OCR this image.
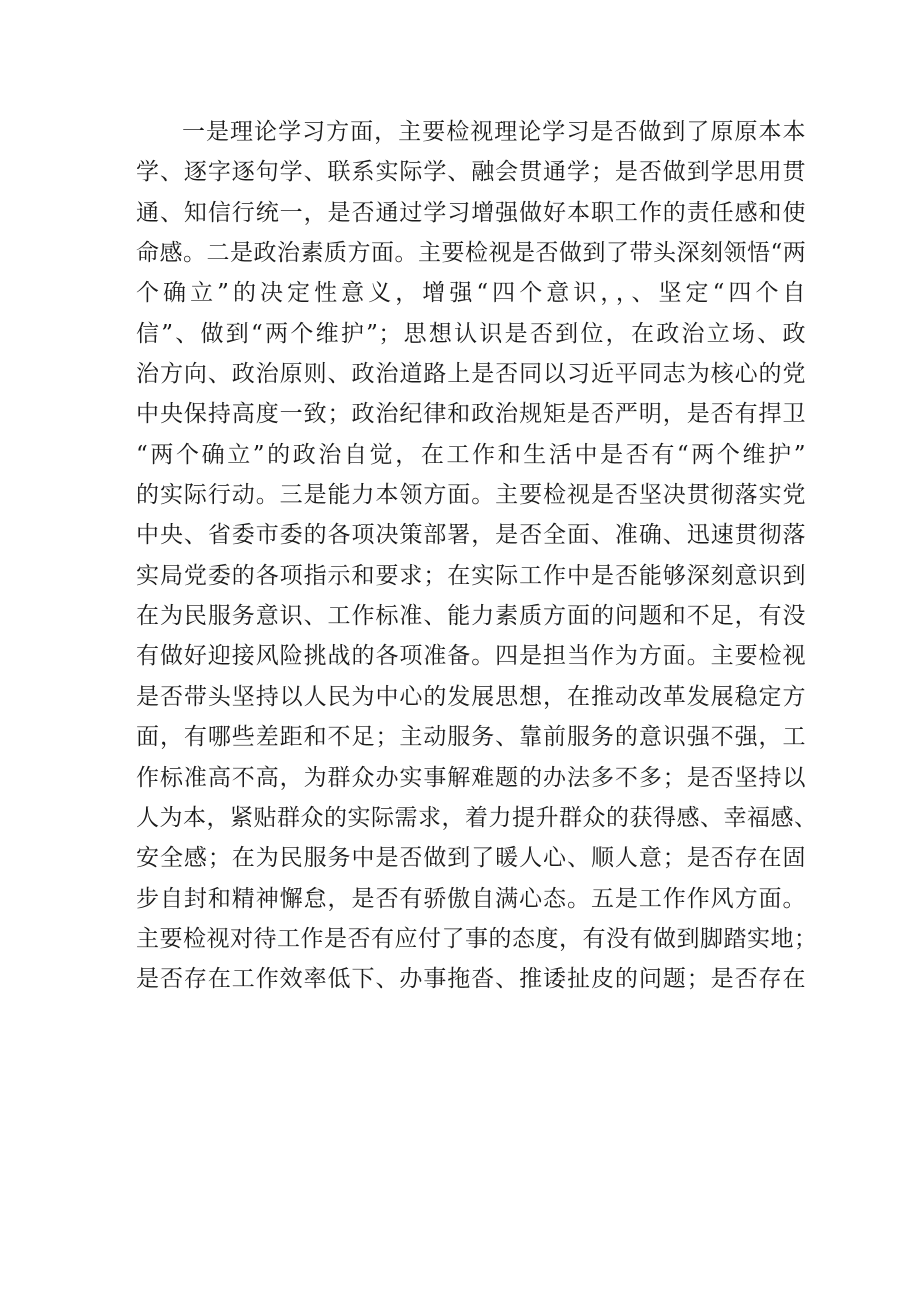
一是理论学习方面，主要检视理论学习是否做到了原原本本
学、逐字逐句学、联系实际学、融会贯通学；是否做到学思用贯
通、知信行统一，是否通过学习增强做好本职工作的责任感和使
命感。二是政治素质方面。主要检视是否做到了带头深刻领悟“两
个确立”的决定性意义，增强“四个意识，，、坚定“四个自
信”、做到“两个维护”；思想认识是否到位，在政治立场、政
治方向、政治原则、政治道路上是否同以习近平同志为核心的党
中央保持高度一致；政治纪律和政治规矩是否严明，是否有捍卫
“两个确立”的政治自觉，在工作和生活中是否有“两个维护”
的实际行动。三是能力本领方面。主要检视是否坚决贯彻落实党
中央、省委市委的各项决策部署，是否全面、准确、迅速贯彻落
实局党委的各项指示和要求；在实际工作中是否能够深刻意识到
在为民服务意识、工作标准、能力素质方面的问题和不足，有没
有做好迎接风险挑战的各项准备。四是担当作为方面。主要检视
是否带头坚持以人民为中心的发展思想，在推动改革发展稳定方
面，有哪些差距和不足；主动服务、靠前服务的意识强不强，工
作标准高不高，为群众办实事解难题的办法多不多；是否坚持以
人为本，紧贴群众的实际需求，着力提升群众的获得感、幸福感、
安全感；在为民服务中是否做到了暖人心、顺人意；是否存在固
步自封和精神懈怠，是否有骄傲自满心态。五是工作作风方面。
主要检视对待工作是否有应付了事的态度，有没有做到脚踏实地；
是否存在工作效率低下、办事拖沓、推诿扯皮的问题；是否存在
